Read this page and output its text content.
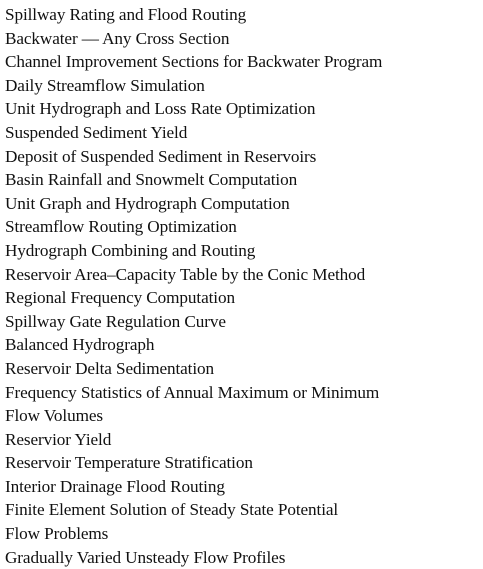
Spillway Rating and Flood Routing
Backwater — Any Cross Section
Channel Improvement Sections for Backwater Program
Daily Streamflow Simulation
Unit Hydrograph and Loss Rate Optimization
Suspended Sediment Yield
Deposit of Suspended Sediment in Reservoirs
Basin Rainfall and Snowmelt Computation
Unit Graph and Hydrograph Computation
Streamflow Routing Optimization
Hydrograph Combining and Routing
Reservoir Area–Capacity Table by the Conic Method
Regional Frequency Computation
Spillway Gate Regulation Curve
Balanced Hydrograph
Reservoir Delta Sedimentation
Frequency Statistics of Annual Maximum or Minimum
Flow Volumes
Reservior Yield
Reservoir Temperature Stratification
Interior Drainage Flood Routing
Finite Element Solution of Steady State Potential
Flow Problems
Gradually Varied Unsteady Flow Profiles
